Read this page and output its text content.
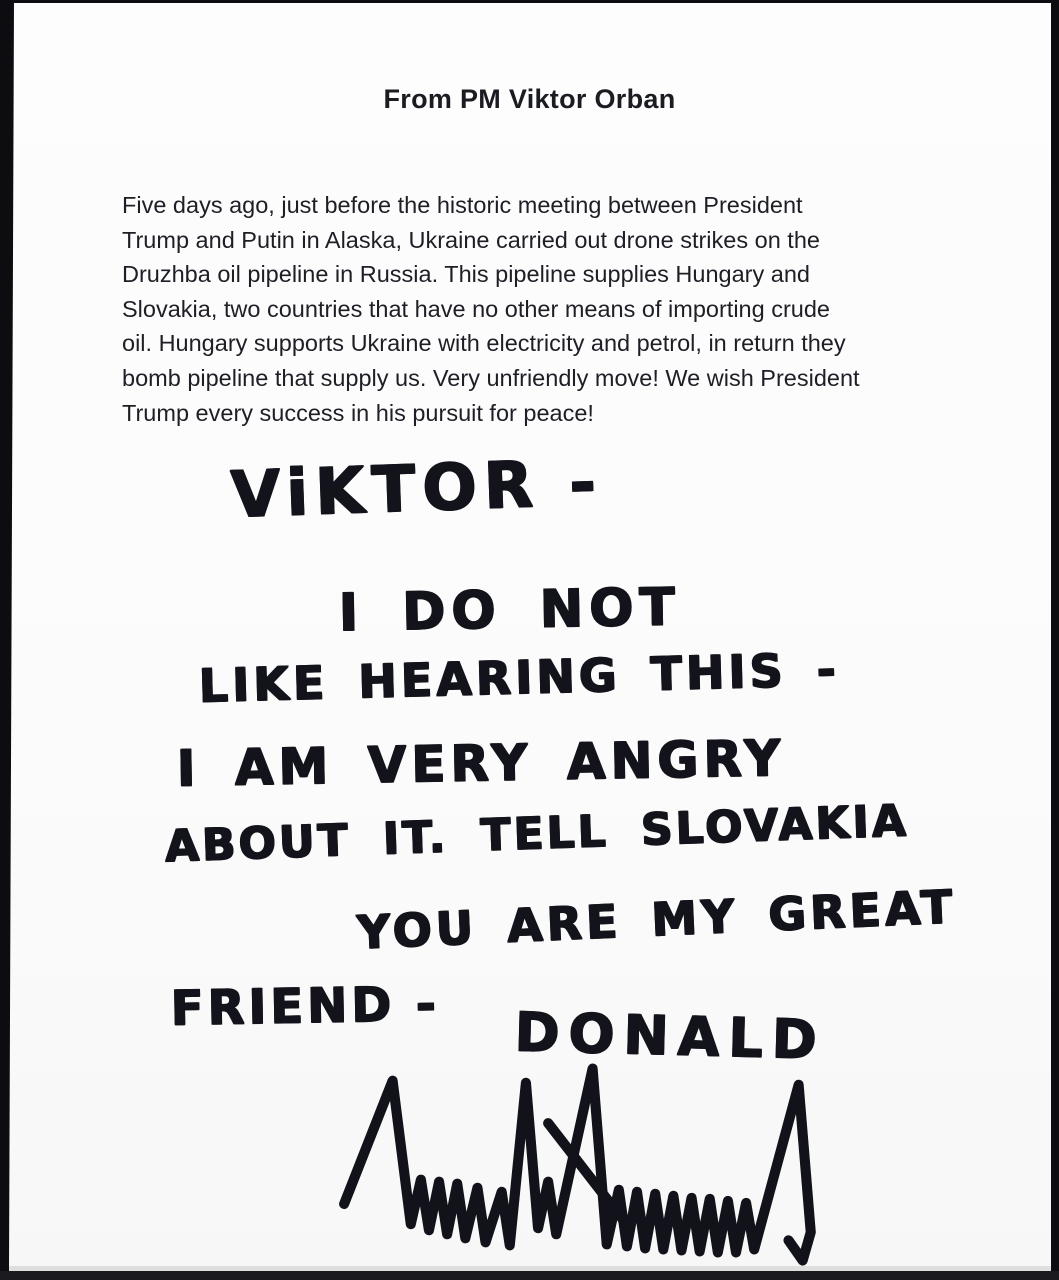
From PM Viktor Orban
Five days ago, just before the historic meeting between President
Trump and Putin in Alaska, Ukraine carried out drone strikes on the
Druzhba oil pipeline in Russia. This pipeline supplies Hungary and
Slovakia, two countries that have no other means of importing crude
oil. Hungary supports Ukraine with electricity and petrol, in return they
bomb pipeline that supply us. Very unfriendly move! We wish President
Trump every success in his pursuit for peace!
ViKTOR -
I DO NOT
LIKE HEARING THIS -
I AM VERY ANGRY
ABOUT IT. TELL SLOVAKIA
YOU ARE MY GREAT
FRIEND - DONALD
